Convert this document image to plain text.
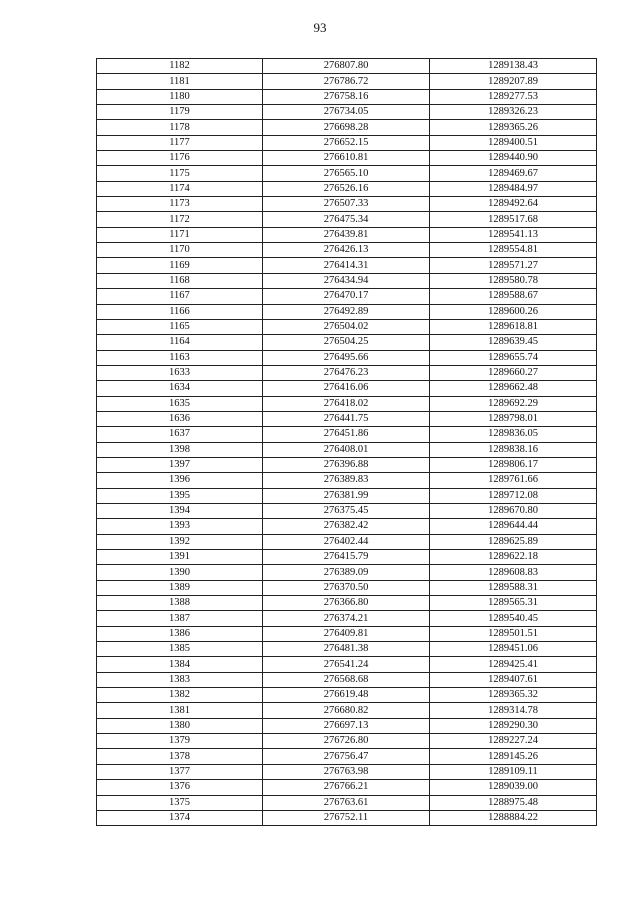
93
1182	276807.80	1289138.43
1181	276786.72	1289207.89
1180	276758.16	1289277.53
1179	276734.05	1289326.23
1178	276698.28	1289365.26
1177	276652.15	1289400.51
1176	276610.81	1289440.90
1175	276565.10	1289469.67
1174	276526.16	1289484.97
1173	276507.33	1289492.64
1172	276475.34	1289517.68
1171	276439.81	1289541.13
1170	276426.13	1289554.81
1169	276414.31	1289571.27
1168	276434.94	1289580.78
1167	276470.17	1289588.67
1166	276492.89	1289600.26
1165	276504.02	1289618.81
1164	276504.25	1289639.45
1163	276495.66	1289655.74
1633	276476.23	1289660.27
1634	276416.06	1289662.48
1635	276418.02	1289692.29
1636	276441.75	1289798.01
1637	276451.86	1289836.05
1398	276408.01	1289838.16
1397	276396.88	1289806.17
1396	276389.83	1289761.66
1395	276381.99	1289712.08
1394	276375.45	1289670.80
1393	276382.42	1289644.44
1392	276402.44	1289625.89
1391	276415.79	1289622.18
1390	276389.09	1289608.83
1389	276370.50	1289588.31
1388	276366.80	1289565.31
1387	276374.21	1289540.45
1386	276409.81	1289501.51
1385	276481.38	1289451.06
1384	276541.24	1289425.41
1383	276568.68	1289407.61
1382	276619.48	1289365.32
1381	276680.82	1289314.78
1380	276697.13	1289290.30
1379	276726.80	1289227.24
1378	276756.47	1289145.26
1377	276763.98	1289109.11
1376	276766.21	1289039.00
1375	276763.61	1288975.48
1374	276752.11	1288884.22
